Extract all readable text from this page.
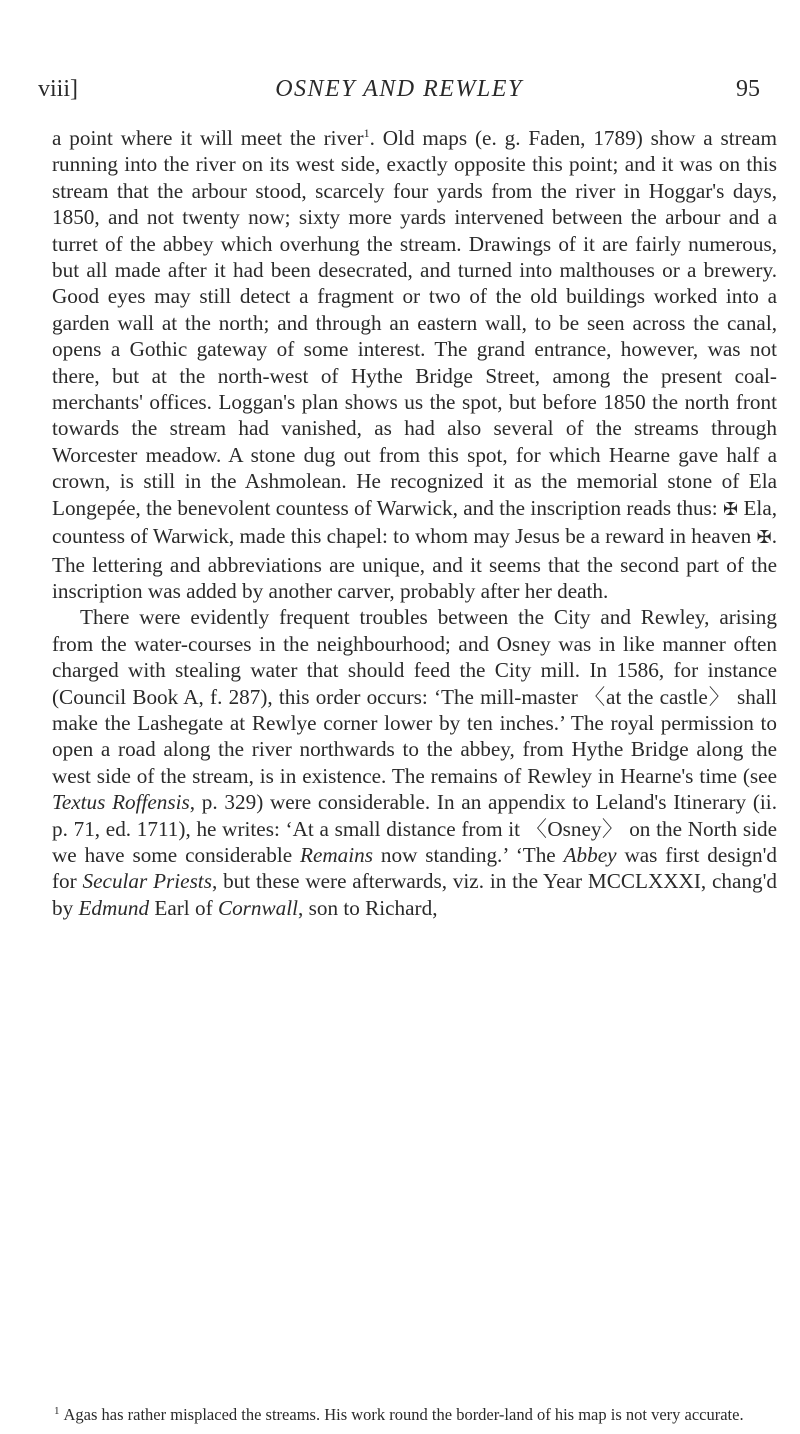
viii]	OSNEY AND REWLEY	95

a point where it will meet the river$^1$. Old maps (e. g. Faden, 1789) show a stream running into the river on its west side, exactly opposite this point; and it was on this stream that the arbour stood, scarcely four yards from the river in Hoggar's days, 1850, and not twenty now; sixty more yards intervened between the arbour and a turret of the abbey which overhung the stream. Drawings of it are fairly numerous, but all made after it had been desecrated, and turned into malthouses or a brewery. Good eyes may still detect a fragment or two of the old buildings worked into a garden wall at the north; and through an eastern wall, to be seen across the canal, opens a Gothic gateway of some interest. The grand entrance, however, was not there, but at the north-west of Hythe Bridge Street, among the present coal-merchants' offices. Loggan's plan shows us the spot, but before 1850 the north front towards the stream had vanished, as had also several of the streams through Worcester meadow. A stone dug out from this spot, for which Hearne gave half a crown, is still in the Ashmolean. He recognized it as the memorial stone of Ela Longepée, the benevolent countess of Warwick, and the inscription reads thus: ✠ Ela, countess of Warwick, made this chapel: to whom may Jesus be a reward in heaven ✠. The lettering and abbreviations are unique, and it seems that the second part of the inscription was added by another carver, probably after her death.

There were evidently frequent troubles between the City and Rewley, arising from the water-courses in the neighbourhood; and Osney was in like manner often charged with stealing water that should feed the City mill. In 1586, for instance (Council Book A, f. 287), this order occurs: ‘The mill-master 〈at the castle〉 shall make the Lashegate at Rewlye corner lower by ten inches.’ The royal permission to open a road along the river northwards to the abbey, from Hythe Bridge along the west side of the stream, is in existence. The remains of Rewley in Hearne's time (see Textus Roffensis, p. 329) were considerable. In an appendix to Leland's Itinerary (ii. p. 71, ed. 1711), he writes: ‘At a small distance from it 〈Osney〉 on the North side we have some considerable Remains now standing.’ ‘The Abbey was first design'd for Secular Priests, but these were afterwards, viz. in the Year MCCLXXXI, chang'd by Edmund Earl of Cornwall, son to Richard,

$^1$ Agas has rather misplaced the streams. His work round the border-land of his map is not very accurate.
